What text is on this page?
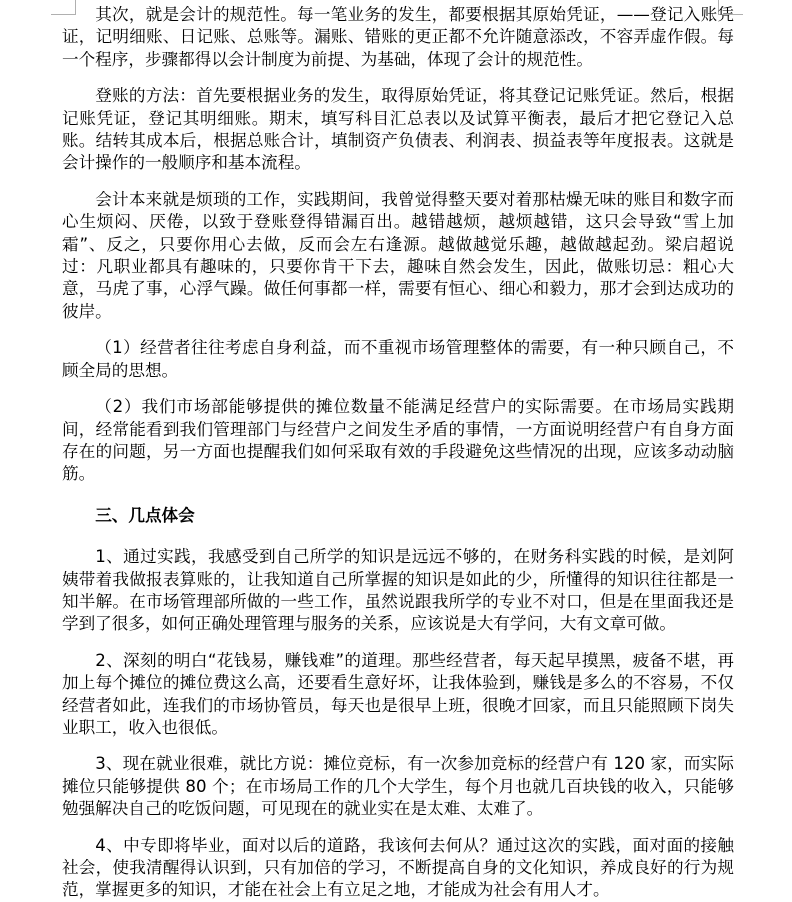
其次，就是会计的规范性。每一笔业务的发生，都要根据其原始凭证，——登记入账凭证，记明细账、日记账、总账等。漏账、错账的更正都不允许随意添改，不容弄虚作假。每一个程序，步骤都得以会计制度为前提、为基础，体现了会计的规范性。

登账的方法：首先要根据业务的发生，取得原始凭证，将其登记记账凭证。然后，根据记账凭证，登记其明细账。期末，填写科目汇总表以及试算平衡表，最后才把它登记入总账。结转其成本后，根据总账合计，填制资产负债表、利润表、损益表等年度报表。这就是会计操作的一般顺序和基本流程。

会计本来就是烦琐的工作，实践期间，我曾觉得整天要对着那枯燥无味的账目和数字而心生烦闷、厌倦，以致于登账登得错漏百出。越错越烦，越烦越错，这只会导致“雪上加霜”、反之，只要你用心去做，反而会左右逢源。越做越觉乐趣，越做越起劲。梁启超说过：凡职业都具有趣味的，只要你肯干下去，趣味自然会发生，因此，做账切忌：粗心大意，马虎了事，心浮气躁。做任何事都一样，需要有恒心、细心和毅力，那才会到达成功的彼岸。

（1）经营者往往考虑自身利益，而不重视市场管理整体的需要，有一种只顾自己，不顾全局的思想。

（2）我们市场部能够提供的摊位数量不能满足经营户的实际需要。在市场局实践期间，经常能看到我们管理部门与经营户之间发生矛盾的事情，一方面说明经营户有自身方面存在的问题，另一方面也提醒我们如何采取有效的手段避免这些情况的出现，应该多动动脑筋。

三、几点体会

1、通过实践，我感受到自己所学的知识是远远不够的，在财务科实践的时候，是刘阿姨带着我做报表算账的，让我知道自己所掌握的知识是如此的少，所懂得的知识往往都是一知半解。在市场管理部所做的一些工作，虽然说跟我所学的专业不对口，但是在里面我还是学到了很多，如何正确处理管理与服务的关系，应该说是大有学问，大有文章可做。

2、深刻的明白“花钱易，赚钱难”的道理。那些经营者，每天起早摸黑，疲备不堪，再加上每个摊位的摊位费这么高，还要看生意好坏，让我体验到，赚钱是多么的不容易，不仅经营者如此，连我们的市场协管员，每天也是很早上班，很晚才回家，而且只能照顾下岗失业职工，收入也很低。

3、现在就业很难，就比方说：摊位竞标，有一次参加竞标的经营户有 120 家，而实际摊位只能够提供 80 个；在市场局工作的几个大学生，每个月也就几百块钱的收入，只能够勉强解决自己的吃饭问题，可见现在的就业实在是太难、太难了。

4、中专即将毕业，面对以后的道路，我该何去何从？通过这次的实践，面对面的接触社会，使我清醒得认识到，只有加倍的学习，不断提高自身的文化知识，养成良好的行为规范，掌握更多的知识，才能在社会上有立足之地，才能成为社会有用人才。
